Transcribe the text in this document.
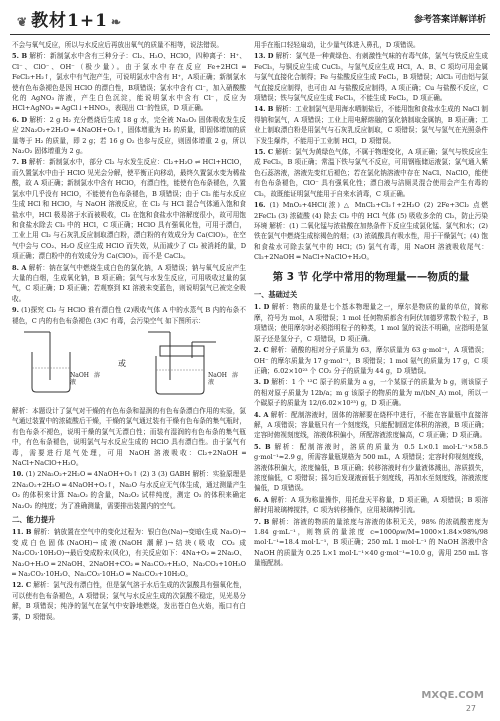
❦ 教材1+1 ❧	参考答案详解详析

不会与氧气反应，所以与水反应后再放出氧气的质量不相等，说法错误。

5. B 解析：新制氯水中含有三种分子：Cl₂、H₂O、HClO，四种离子：H⁺、Cl⁻、ClO⁻、OH⁻（极少量）。由于氯水中存在反应 Fe+2HCl ═ FeCl₂+H₂↑，氯水中有气泡产生，可说明氯水中含有 H⁺，A项正确；新制氯水使有色布条褪色是因 HClO 的漂白性，B项错误；氯水中含有 Cl⁻，加入硝酸酸化的 AgNO₃ 溶液，产生白色沉淀，能说明氯水中含有 Cl⁻，反应为 HCl+AgNO₃ ═ AgCl↓+HNO₃，表现出 Cl⁻的性质，D 项正确。

6. D 解析：2 g H₂ 充分燃烧后生成 18 g 水，完全被 Na₂O₂ 固体吸收发生反应 2Na₂O₂+2H₂O ═ 4NaOH+O₂↑，固体增重为 H₂ 的质量，即固体增加的质量等于 H₂ 的质量，即 2 g；若 16 g O₂ 也参与反应，则固体增重 2 g，所以 Na₂O₂ 固体增重为 2 g。

7. B 解析：新制氯水中，部分 Cl₂ 与水发生反应：Cl₂+H₂O ⇌ HCl+HClO，而久置氯水中由于 HClO 见光会分解，使平衡正向移动，最终久置氯水变为稀盐酸，故 A 项正确；新制氯水中含有 HClO，有漂白性，能使有色布条褪色，久置氯水中几乎没有 HClO，不能使有色布条褪色，B 项错误；由于 Cl₂ 能与水反应生成 HCl 和 HClO，与 NaOH 溶液反应，在 Cl₂ 与 HCl 混合气体通入饱和食盐水中，HCl 极易溶于水而被吸收，Cl₂ 在饱和食盐水中溶解度很小，故可用饱和食盐水除去 Cl₂ 中的 HCl，C 项正确；HClO 具有强氧化性，可用于漂白，工业上用 Cl₂ 与石灰乳反应制取漂白粉，漂白粉的有效成分为 Ca(ClO)₂，在空气中会与 CO₂、H₂O 反应生成 HClO 而失效，从而减少了 Cl₂ 被消耗的量，D 项正确；漂白粉中的有效成分为 Ca(ClO)₂，而不是 CaCl₂。

8. A 解析：钠在氯气中燃烧生成白色的氯化钠，A 项错误；钠与氧气反应产生大量的白烟，生成氧化钠，B 项正确；氯气与水发生反应，可用吸收过量的氯气，C 项正确；D 项正确；若观察到 KI 溶液未变蓝色，则说明氯气已被完全吸收。

9. (1)探究 Cl₂ 与 HClO 谁有漂白性 (2)吸收气体 A 中的水蒸气 B 内的布条不褪色，C 内的有色布条褪色 (3)C 有毒，会污染空气 如下图所示：

或
NaOH 溶液
NaOH 溶液

解析：本题设计了氯气对干燥的有色布条和湿润的有色布条漂白作用的实验，氯气通过装置中的浓硫酸后干燥，干燥的氯气通过装有干燥有色布条的集气瓶时，有色布条不褪色，说明干燥的氯气无漂白性；而装有湿润的有色布条的集气瓶中，有色布条褪色，说明氯气与水反应生成的 HClO 具有漂白性。由于氯气有毒，需要进行尾气处理，可用 NaOH 溶液吸收：Cl₂+2NaOH ═ NaCl+NaClO+H₂O。

10. (1) 2Na₂O₂+2H₂O ═ 4NaOH+O₂↑ (2) 3 (3) GABH 解析：实验原理是 2Na₂O₂+2H₂O ═ 4NaOH+O₂↑，Na₂O 与水反应无气体生成，通过测量产生 O₂ 的体积来计算 Na₂O₂ 的含量，Na₂O₂ 试样纯度，测定 O₂ 的体积来确定 Na₂O₂ 的纯度；为了准确测量，需要排出装置内的空气。

二、能力提升

11. B 解析：钠放置在空气中的变化过程为：银白色(Na)→变暗(生成 Na₂O)→变成白色固体(NaOH)→成液(NaOH 潮解)→结块(吸收 CO₂ 成 Na₂CO₃·10H₂O)→最后变成粉末(风化)，有关反应如下：4Na+O₂ ═ 2Na₂O、Na₂O+H₂O ═ 2NaOH、2NaOH+CO₂ ═ Na₂CO₃+H₂O、Na₂CO₃+10H₂O ═ Na₂CO₃·10H₂O、Na₂CO₃·10H₂O ═ Na₂CO₃+10H₂O。

12. C 解析：氯气没有漂白性，但是氯气溶于水后生成的次氯酸具有强氧化性，可以使有色布条褪色，A 项错误；氯气与水反应生成的次氯酸不稳定，见光易分解，B 项错误；纯净的氢气在氯气中安静地燃烧，发出苍白色火焰，瓶口有白雾，D 项错误。

用手在瓶口轻轻扇动，让少量气体进入鼻孔，D 项错误。

13. D 解析：氯气是一种黄绿色、有刺激性气味的有毒气体，氯气与铁反应生成 FeCl₃，与铜反应生成 CuCl₂，与氢气反应生成 HCl，A、B、C 项均可用金属与氯气直接化合制得；Fe 与盐酸反应生成 FeCl₂，B 项错误；AlCl₃ 可由铝与氯气直接反应制得，也可由 Al 与盐酸反应制得，A 项正确；Cu 与盐酸不反应，C 项错误；铁与氯气反应生成 FeCl₃，不能生成 FeCl₂，D 项正确。

14. B 解析：工业制氯气是用海水晒制盐后，不能用饱和食盐水生成的 NaCl 制得钠和氯气，A 项错误；工业上用电解熔融的氯化钠制取金属钠，B 项正确；工业上制取漂白粉是用氯气与石灰乳反应制取，C 项错误；氯气与氢气在光照条件下发生爆炸，不能用于工业制 HCl，D 项错误。

15. C 解析：氯气为黄绿色气体，不属于物理变化，A 项正确；氯气与铁反应生成 FeCl₃，B 项正确；常温下铁与氯气不反应，可用钢瓶储运液氯；氯气通入紫色石蕊溶液，溶液先变红后褪色；若在氯化钠溶液中存在 NaCl、NaClO，能使有色布条褪色，ClO⁻ 具有强氧化性；漂白液与洁厕灵混合使用会产生有毒的 Cl₂，故既能证明氯气能用于自来水消毒，C 项正确。

16. (1) MnO₂+4HCl(浓) △ MnCl₂+Cl₂↑+2H₂O (2) 2Fe+3Cl₂ 点燃 2FeCl₃ (3) 浓硫酸 (4) 除去 Cl₂ 中的 HCl 气体 (5) 吸收多余的 Cl₂，防止污染环境 解析：(1) 二氧化锰与浓盐酸在加热条件下反应生成氯化锰、氯气和水；(2) 铁在氯气中燃烧生成棕褐色的烟；(3) 浓硫酸具有吸水性，用于干燥氯气；(4) 饱和食盐水可除去氯气中的 HCl；(5) 氯气有毒，用 NaOH 溶液吸收尾气：Cl₂+2NaOH ═ NaCl+NaClO+H₂O。

第 3 节 化学中常用的物理量——物质的量
一、基础过关

1. D 解析：物质的量是七个基本物理量之一，摩尔是物质的量的单位，简称摩，符号为 mol，A 项错误；1 mol 任何物质都含有阿伏加德罗常数个粒子，B 项错误；使用摩尔时必须指明粒子的种类，1 mol 氢的说法不明确，应指明是氢原子还是氢分子，C 项错误，D 项正确。

2. C 解析：硝酸的相对分子质量为 63，摩尔质量为 63 g·mol⁻¹，A 项错误；OH⁻ 的摩尔质量为 17 g·mol⁻¹，B 项错误；1 mol 氨气的质量为 17 g，C 项正确；6.02×10²³ 个 CO₂ 分子的质量为 44 g，D 项错误。

3. D 解析：1 个 ¹²C 原子的质量为 a g，一个某原子的质量为 b g，则该原子的相对原子质量为 12b/a；m g 该原子的物质的量为 m/(bN_A) mol，所以一个碳原子的质量为 12/(6.02×10²³) g，D 项正确。

4. A 解析：配制溶液时，固体的溶解要在烧杯中进行，不能在容量瓶中直接溶解，A 项错误；容量瓶只有一个刻度线，只能配制固定体积的溶液，B 项正确；定容时俯视刻度线，溶液体积偏小，所配溶液浓度偏高，C 项正确；D 项正确。

5. B 解析：配制溶液时，溶质的质量为 0.5 L×0.1 mol·L⁻¹×58.5 g·mol⁻¹≈2.9 g，所需容量瓶规格为 500 mL，A 项错误；定容时仰视刻度线，溶液体积偏大，浓度偏低，B 项正确；转移溶液时有少量液体溅出，溶质损失，浓度偏低，C 项错误；摇匀后发现液面低于刻度线，再加水至刻度线，溶液浓度偏低，D 项错误。

6. A 解析：A 项为称量操作，用托盘天平称量，D 项正确，A 项错误；B 项溶解时用玻璃棒搅拌，C 项为转移操作，应用玻璃棒引流。

7. B 解析：溶液的物质的量浓度与溶液的体积无关，98% 的浓硫酸密度为 1.84 g·mL⁻¹，则物质的量浓度 c=1000ρw/M=1000×1.84×98%/98 mol·L⁻¹=18.4 mol·L⁻¹，B 项正确；250 mL 1 mol·L⁻¹ 的 NaOH 溶液中含 NaOH 的质量为 0.25 L×1 mol·L⁻¹×40 g·mol⁻¹=10.0 g，需用 250 mL 容量瓶配制。

MXQE.COM
27
